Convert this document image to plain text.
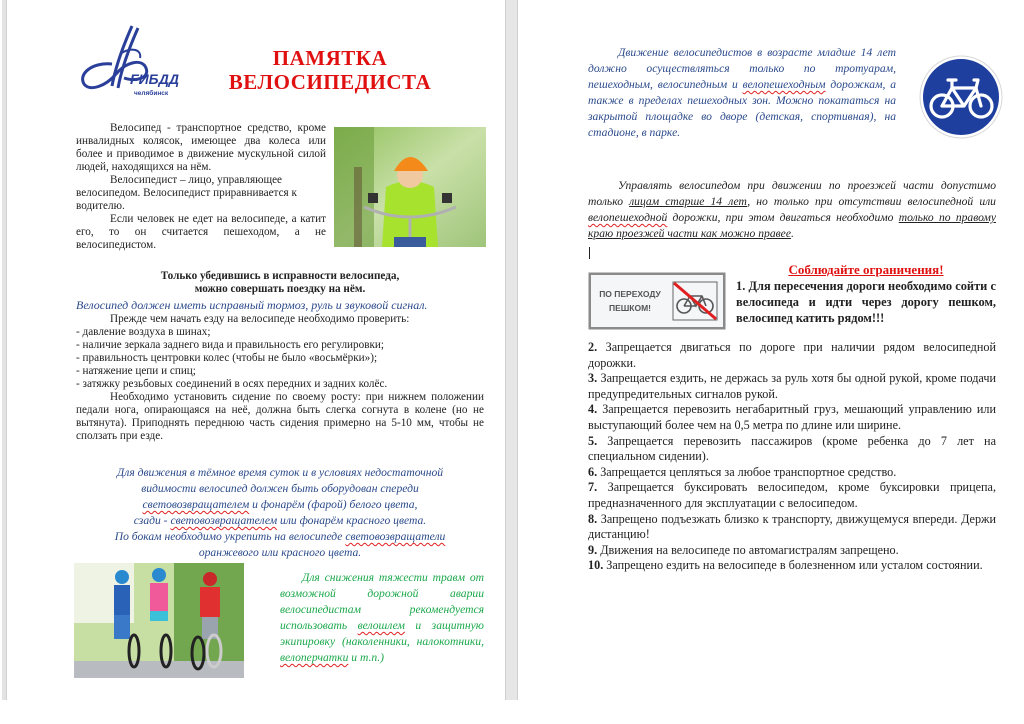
ГИБДД
челябинск
ПАМЯТКА
ВЕЛОСИПЕДИСТА

Велосипед - транспортное средство, кроме инвалидных колясок, имеющее два колеса или более и приводимое в движение мускульной силой людей, находящихся на нём.

Велосипедист – лицо, управляющее велосипедом. Велосипедист приравнивается к водителю.

Если человек не едет на велосипеде, а катит его, то он считается пешеходом, а не велосипедистом.

Только убедившись в исправности велосипеда,
можно совершать поездку на нём.
Велосипед должен иметь исправный тормоз, руль и звуковой сигнал.

Прежде чем начать езду на велосипеде необходимо проверить:

- давление воздуха в шинах;

- наличие зеркала заднего вида и правильность его регулировки;

- правильность центровки колес (чтобы не было «восьмёрки»);

- натяжение цепи и спиц;

- затяжку резьбовых соединений в осях передних и задних колёс.

Необходимо установить сидение по своему росту: при нижнем положении педали нога, опирающаяся на неё, должна быть слегка согнута в колене (но не вытянута). Приподнять переднюю часть сидения примерно на 5-10 мм, чтобы не сползать при езде.

Для движения в тёмное время суток и в условиях недостаточной
видимости велосипед должен быть оборудован спереди
световозвращателем и фонарём (фарой) белого цвета,
сзади - световозвращателем или фонарём красного цвета.
По бокам необходимо укрепить на велосипеде световозвращатели
оранжевого или красного цвета.
Для снижения тяжести травм от возможной дорожной аварии велосипедистам рекомендуется использовать велошлем и защитную экипировку (наколенники, налокотники, велоперчатки и т.п.)
Движение велосипедистов в возрасте младше 14 лет должно осуществляться только по тротуарам, пешеходным, велосипедным и велопешеходным дорожкам, а также в пределах пешеходных зон. Можно покататься на закрытой площадке во дворе (детская, спортивная), на стадионе, в парке.
Управлять велосипедом при движении по проезжей части допустимо только лицам старше 14 лет, но только при отсутствии велосипедной или велопешеходной дорожки, при этом двигаться необходимо только по правому краю проезжей части как можно правее.
ПО ПЕРЕХОДУ
ПЕШКОМ!
Соблюдайте ограничения!
1. Для пересечения дороги необходимо сойти с велосипеда и идти через дорогу пешком, велосипед катить рядом!!!

2. Запрещается двигаться по дороге при наличии рядом велосипедной дорожки.

3. Запрещается ездить, не держась за руль хотя бы одной рукой, кроме подачи предупредительных сигналов рукой.

4. Запрещается перевозить негабаритный груз, мешающий управлению или выступающий более чем на 0,5 метра по длине или ширине.

5. Запрещается перевозить пассажиров (кроме ребенка до 7 лет на специальном сидении).

6. Запрещается цепляться за любое транспортное средство.

7. Запрещается буксировать велосипедом, кроме буксировки прицепа, предназначенного для эксплуатации с велосипедом.

8. Запрещено подъезжать близко к транспорту, движущемуся впереди. Держи дистанцию!

9. Движения на велосипеде по автомагистралям запрещено.

10. Запрещено ездить на велосипеде в болезненном или усталом состоянии.
